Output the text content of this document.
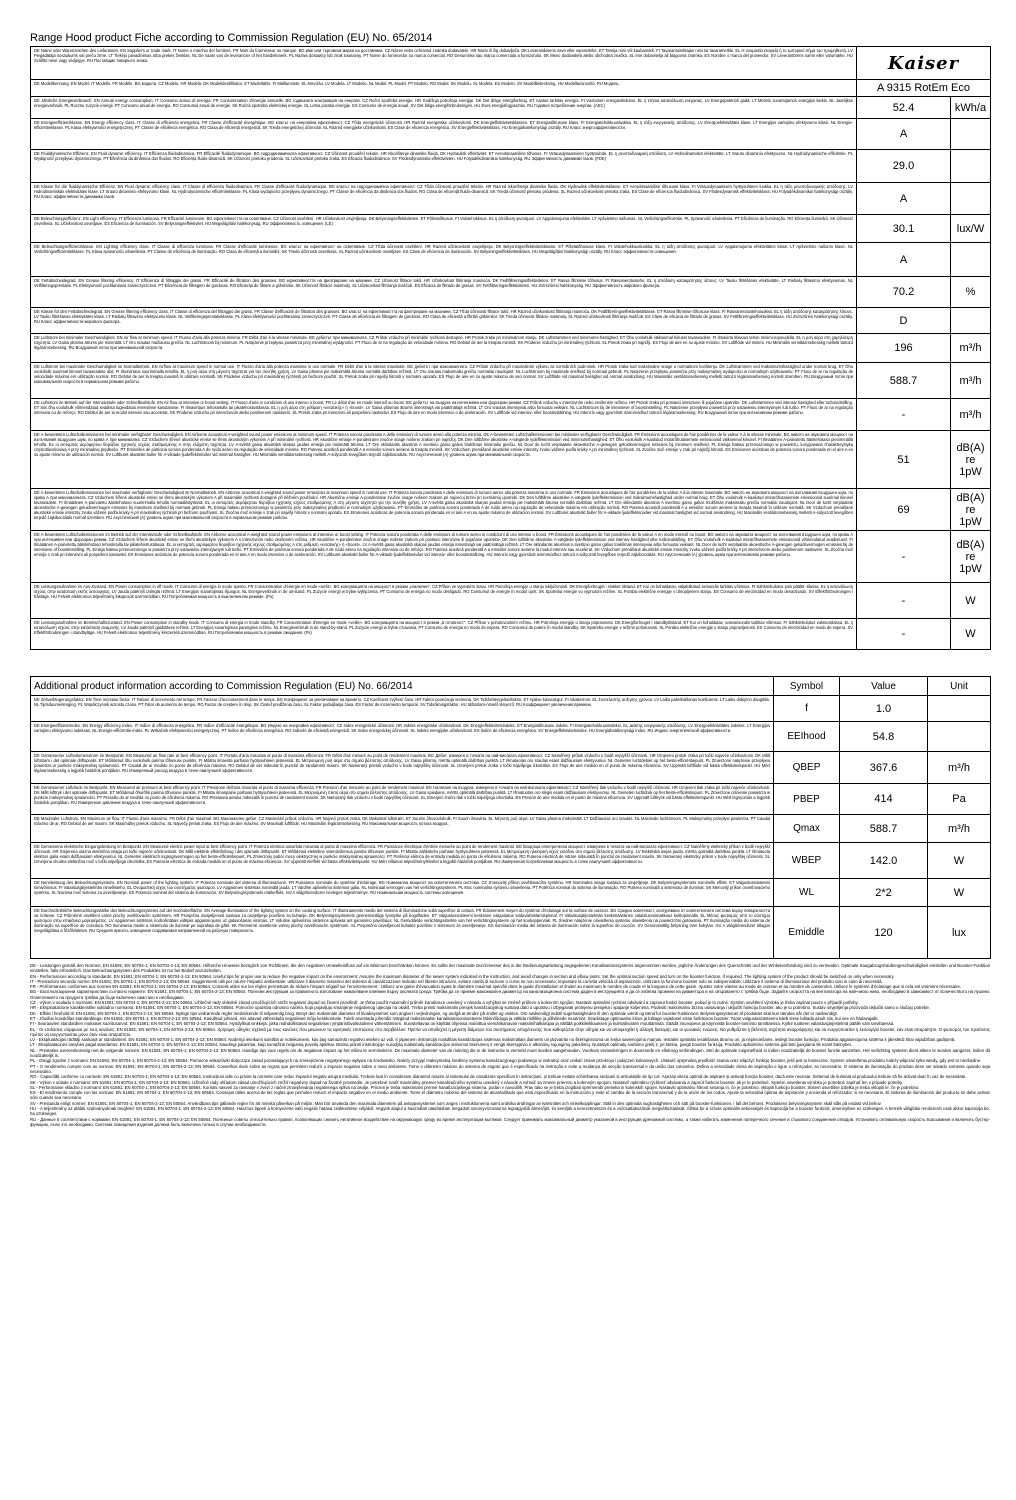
Range Hood product Fiche according to Commission Regulation (EU) No. 65/2014
DE Name oder Warenzeichen des Lieferanten. EN Supplier's or trade mark. IT Nome o marchio del fornitore. FR Nom du fournisseur ou marque. BG име или търговска марка на доставчика. CZ Název nebo ochranná známka dodavatele. HR Naziv ili žig dobavljača. DK Leverandørens navn eller varemærke. ET Tarnija nimi või kaubamärk. FI Tavarantoimittajan nimi tai tavaramerkki. EL Η ονομασία εταιρεία ή το εμπορικό σήμα του προμηθευτή. LV Piegādātāja nosaukums vai preču zīme. LT Tiekėjo pavadinimas arba prekės ženklas. NL De naam van de leverancier of het handelsmerk. PL Nazwa dostawcy lub znak towarowy. PT Nome do fornecedor ou marca comercial. RO Denumirea sau marca comerciala a furnizorului. SK Meno dodávateľa alebo obchodná značka. SL Ime dobavitelja ali blagovna znamka. ES Nombre o marca del proveedor. SV Leverantörens namn eller varumärke. HU Szállító neve vagy védjegye. RU Поставщик товарного знака.	Kaiser	
DE Modellkennung. EN Model. IT Modello. FR Modèle. BG модела. CZ Modelu. HR Modela. DK Modelidentifikator. ET Mudeltähis. FI Malltunniste. EL Μοντέλο. LV Modela. LT Modelio. NL Model. PL Model. PT Modelo. RO Model. SK Modelu. SL Modela. ES Modelo. SV Modellbeteckning. HU Modellazonosító. RU Модель.	A 9315 RotEm Eco	
DE Jährliche Energieverbrauch. EN Annual energy consumption. IT Consumo annuo di energia. FR Consommation d'énergie annuelle. BG годишната консумация на енергия. CZ Roční spotřeba energie. HR Godišnja potrošnja energije. DK Det årlige energiforbrug. ET Aastas tarbitav energia. FI Vuotuinen energiankulutus. EL η ετήσια κατανάλωση ενέργειας. LV Energopatēriņš gadā. LT Metinis suvartojamos energijos kiekis. NL Jaarlijkse energieverbruik. PL Roczne zużycie energii. PT Consumo anual de energia. RO Consumul anual de energie. SK Ročná spotreba elektrickej energie. SL Letna poraba energije. ES Consumo de energía anual. SV Det årliga energiförbrukningen. HU Éves energiafogyasztás. RU Годовое потребление энергии. (AEC)	52.4	kWh/a
DE Energieeffizienzklasse. EN Energy efficiency class. IT Classe di efficienza energetica. FR Classe d'efficacité énergétique. BG класът на енергийна ефективност. CZ Třída energetické účinnosti. HR Razred energetske učinkovitosti. DK Energieffektivitetsklassen. ET Energiatõhususe klass. FI Energiatehokkuusluokka. EL η τάξη ενεργειακής απόδοσης. LV Energoefektivitātes klase. LT Energijos vartojimo efektyvumo klasė. NL Energie-efficiëntieklasse. PL Klasa efektywności energetycznej. PT Classe de eficiência energética. RO Clasa de eficiență energetică. SK Trieda energetickej účinnosti. SL Razred energijske učinkovitosti. ES Clase de eficiencia energética. SV Energieffektivitetsklass. HU Energiahatékonysági osztály. RU Класс энергоэффективности.	A	
DE Fluiddynamische Effizienz. EN Fluid dynamic efficiency. IT Efficienza fluidodinamica. FR Efficacité fluidodynamique. BG гидродинамичната ефективност. CZ Účinnost proudění tekutin. HR Iskorištenje dinamike fluida. DK Hydraulisk effektivitet. ET Aerodünaamiline tõhusus. FI Virtausdynaaminen hyötysuhde. EL η ρευστοδυναμική απόδοση. LV Hidrodinamiskā efektivitāte. LT Srauto dinaminio efektyvumo. NL Hydrodynamische efficiëntie. PL Wydajność przepływu dynamicznego. PT Eficiência da dinâmica dos fluidos. RO Eficiența fluido-dinamică. SK Účinnosť prietoku prúdenia. SL Učinkovitost pretoka zraka. ES Eficacia fluidodinámica. SV Flödesdynamiska effektiviteten. HU Folyadékdinamikai hatékonyság. RU Эффективность динамики газов. (FDE)	29.0	
DE Klasse für die fluiddynamische Effizienz. EN Fluid dynamic efficiency class. IT Classe di efficienza fluidodinamica. FR Classe d'efficacité fluidodynamique. BG класът на гидродинамична ефективност. CZ Třída účinnosti proudění tekutin. HR Razred iskorištenja dinamike fluida. DK Hydraulisk effektivitetsklasse. ET Aerodünaamilise tõhususe klass. FI Virtausdynaamisen hyötysuhteen luokka. EL η τάξη ρευστοδυναμικής απόδοσης. LV Hidrodinamiskās efektivitātes klase. LT Srauto dinaminio efektyvumo klasė. NL Hydrodynamische efficiëntieklasse. PL Klasa wydajności przepływu dynamicznego. PT Classe de eficiência da dinâmica dos fluidos. RO Clasa de eficiență fluido-dinamică. SK Trieda účinnosti prietoku prúdenia. SL Razred učinkovitosti pretoka zraka. ES Clase de eficiencia fluidodinámica. SV Flödesdynamisk effektivitetsklass. HU Folyadékdinamikai hatékonysági osztály. RU Класс эффективности динамики газов.	A	
DE Beleuchtungseffizienz. EN Light efficiency. IT Efficienza luminosa. FR Efficacité lumineuse. BG ефективността на осветяване. CZ Účinnost osvětlení. HR Učinkovitost osvjetljenja. DK Belysningseffektiviteten. ET Põletatõhusus. FI Valotehokkuus. EL η απόδοση φωτισμού. LV Apgaismojuma efektivitāte. LT Apšvietimo našumas. NL Verlichtingsefficiëntie. PL Sprawność oświetlenia. PT Eficiência de iluminação. RO Eficiența iluminării. SK Účinnosť osvetlenia. SL Učinkovitost osvetljave. ES Eficiencia de iluminación. SV Belysningseffektivitet. HU Megvilágítási hatékonyság. RU Эффективность освещения. (LE)	30.1	lux/W
DE Beleuchtungseffizienzklasse. EN Lighting efficiency class. IT Classe di efficienza luminosa. FR Classe d'efficacité lumineuse. BG класът на ефективност на осветяване. CZ Třída účinnosti osvětlení. HR Razred učinkovitosti osvjetljenja. DK Belysningseffektivitetsklasse. ET Põletatõhususe klass. FI Valotehokkuusluokka. EL η τάξη απόδοσης φωτισμού. LV Apgaismojuma efektivitātes klase. LT Apšvietimo našumo klasė. NL Verlichtingsefficiëntieklasse. PL Klasa sprawności oświetlenia. PT Classe de eficiência de iluminação. RO Clasa de eficiență a iluminării. SK Trieda účinnosti osvetlenia. SL Razred učinkovitosti osvetljave. ES Clase de eficiencia de iluminación. SV Belysningseffektivitetsklass. HU Megvilágítási hatékonysági osztály. RU Класс эффективности освещения.	A	
DE Fettabscheidegrad. EN Grease filtering efficiency. IT Efficienza di filtraggio dei grassi. FR Efficacité de filtration des graisses. BG ефективността на филтриране на мазнини. CZ Účinnost filtrace tuků. HR Učinkovitost filtriranja masnoća. DK Fedtfiltreringseffektiviteten. ET Rasva filtrimise tõhusus. FI Rasvanerotusteho. EL η απόδοση κατακράτησης λίπους. LV Tauku filtrēšanas efektivitāte. LT Riebalų filtravimo efektyvumas. NL Vetfilteringsprestatie. PL Efektywność pochłaniania zanieczyszczeń. PT Eficiência de filtragem de gorduras. RO Eficiența de filtrare a grăsimilor. SK Účinnosť filtrácie mastnoty. SL Učinkovitost filtriranja maščob. ES Eficacia de filtrado de grasas. SV Fettfiltreringseffektiviteten. HU Zsírszűrési hatékonyság. RU Эффективность жирового фильтра.	70.2	%
DE Klasse für den Fettabscheidegrad. EN Grease filtering efficiency class. IT Classe di efficienza del filtraggio dei grassi. FR Classe d'efficacité de filtration des graisses. BG класът на ефективността на филтриране на мазнини. CZ Třída účinnosti filtrace tuků. HR Razred učinkovitosti filtriranja masnoća. DK Fedtfiltreringseffektivitetsklasse. ET Rasva filtrimise tõhususe klass. FI Rasvanerotustehoiuokka. EL η τάξη απόδοσης κατακράτησης λίπους. LV Tauku filtrēšanas efektivitātes klase. LT Riebalų filtravimo efektyvumo klasė. NL Vetfilteringsprestatieklasse. PL Klasa efektywności pochłaniania zanieczyszczeń. PT Classe de eficiência de filtragem de gorduras. RO Clasa de eficiență a filtrării grăsimilor. SK Trieda účinnosti filtrácie mastnoty. SL Razred učinkovitosti filtriranja maščob. ES Clase de eficacia de filtrado de grasas. SV Fettfiltreringseffektivitetsklass. HU Zsírszűrési hatékonysági osztály. RU Класс эффективности жирового фильтра.	D	
DE Luftstrom bei minimaler Geschwindigkeit. EN Air flow at minimum speed. IT Flusso d'aria alla potenza minima. FR Débit d'air à la vitesse minimale. BG дебитът при минималната. CZ Průtok vzduchu při minimální rychlosti dostupné. HR Protok zraka pri minimalnom stanju. DK Luftstrømmen ved minimums-hastighed. ET Õhu vooluhulk väikseimal kiirusel tavaseadete. FI Ilmavirta tilavuus tehon minimi-nopeudella. EL η ροή αέρα στη χαμηλότερη ταχύτητα. LV Gaisa plūsma ātrums pie minimālā. LT Oro srautas mažiausiu greičiu. NL Luchtstroom bij minimum. PL Natężenie przepływu powietrza przy minimalnej wydajności. PT Fluxo de ar na regulação de velocidade mínima. RO Debitul de aer la treapta minimă. SK Prúdenie vzduchu pri minimálnej rýchlosti. SL Pretok zraka pri najnižji. ES Flujo de aire en su ajuste mínimo. SV Luftflöde vid minimi. HU Minimális ventilátorsebesség melletti tartozó légáramsebesség. RU Воздушный поток при минимальной скорости.	196	m³/h
DE Luftstrom bei maximaler Geschwindigkeit im Normalbetrieb. EN Airflow at maximum speed in normal use. IT Flusso d'aria alla potenza massima in uso normale. FR Débit d'air à la vitesse maximale. BG дебитът при максималната. CZ Průtok vzduchu při maximálním výkonu za normálních podmínek. HR Protok zraka kod maksimalne snage u normalnom korištenju. DK Luftstrømmen ved maksimumshastighed under normal brug. ET Õhu vooluhulk suurimal kiirusel tavaseadete abil. FI Ilmavirtaus suurimmalla tehollia. EL η ροή αέρα στη μέγιστη ταχύτητα για την συνήθη χρήση. LV Gaisa plūsma pie maksimālā ātruma normālā darbības režīmā. LT Oro srautas maksimaliu greičiu normaliai naudojant. NL Luchtstroom bij maximale snelheid bij normaal gebruik. PL Natężenie przepływu powietrza przy maksymalnej wydajności w normalnym użytkowaniu. PT Fluxo de ar na regulação de velocidade máxima em utilização normal. RO Debitul de aer la treapta maximă în utilizare normală. SK Prúdenie vzduchu pri maximálnej rýchlosti pri bežnom použití. SL Pretok zraka pri najvišji hitrosti v normalni uporabi. ES Flujo de aire en su ajuste máximo de uso normal. SV Luftflöde vid maximal hastighet vid normal användning. HU Maximális ventilátorsebesség melletti tartozó légáramsebesség normál üzemben. RU Воздушный поток при максимальной скорости в нормальном режиме работы.	588.7	m³/h
DE Luftstrom im Betrieb auf der Intensivstufe oder Schnelllaufstufe. EN Air flow at intensive or boost setting. IT Flusso d'aria in condizioni di uso intenso o boost. FR Le débit d'air en mode intensif ou boost. BG дебитът на въздуха на интензивен или форсиран режим. CZ Průtok vzduchu v intenzivním nebo zesíleném režimu. HR Protok zraka pri postavci intenzivne ili pojačane upotrebe. DK Luftstrømmen ved intensiv hastighed eller turboindstilling. ET Siis õhu vooluhulk võimendatud seadista tugevdatus intensiivse kasutamise. FI Ilmavirtaus tehostetulla tai pikatehostustilassa. EL η ροή αέρα στη ρύθμιση «εντατικής» ή «boost». LV Gaisa plūsmas ātrums intensīvajā vai paātrinātajā režīmā. LT Oro srautas intensyviai arba forsuotai veikiant. NL Luchtstroom bij de intensieve of boostinstelling. PL Natężenie przepływu powietrza przy ustawieniu intensywnym lub turbo. PT Fluxo de ar na regulação intensiva ou de reforço. RO Debitul de aer la modul intensiv sau accelerat. SK Prúdenie vzduchu pri intenzívnom alebo posilnenom nastavení. SL Pretok zraka pri intenzivni ali pospešeni nastavitvi. ES Flujo de aire en modo intensivo o de aceleración. SV Luftflöde vid intensiv- eller boostinställning. HU Intenzív vagy gyorsított üzemmódhoz tartozó légáramsebesség. RU Воздушный поток при интенсивном режиме работы.	-	m³/h
DE A-bewerteten Luftschallemissionen bei minimaler verfügbarer Geschwindigkeit. EN Airborne acoustical A-weighted sound power emissions at minimum speed. IT Potenza sonora ponderata A delle emissioni di rumore aereo alla potenza minima. DE A-bewerteten Luftschallemissionen bei minimaler verfügbarer Geschwindigkeit. FR Émissions acoustiques de l'air pondérées de la valeur A à la vitesse minimale. BG нивото на звуковата мощност на излъчвания въздушен шум, по крива А при минимална. CZ Vzduchem šířené akustické emise se třemi akustickým výkonem A při minimální rychlosti. HR Akustične emisije A-ponderirane zvučne snage nošene zrakom pri najnižoj. DK Den luftbårne akustiske A-vægtede lydeffektemission ved minimumshastighed. ET Õhu vooluhulk A-kaalutud mürarõhutasemete emissioonid väikseimal kiirusel. FI Ilmaäänen A-painotettu äänitehotaso pienimmällä teholla. EL οι εκπομπές αερόφερτου θορύβου ηχητικής ισχύος σταθμισμένης Α στην ελάχιστη ταχύτητα. LV A-svērtā gaisa akustiskā skaņas jaudas emisija pie minimālā ātruma. LT Ore sklindantis akustinis A svertinio garso galios triukšmas minimaliu greičiu. NL Door de lucht verplaatste akoestische A-gewogen geluidsvermogen emissies bij minimum snelheid. PL Emisja hałasu przenoszonego w powietrzu, korygowana charakterystyką częstotliwościową A przy minimalnej prędkości. PT Emissões de potência sonora ponderada A de ruído aéreo na regulação de velocidade mínima. RO Puterea acustică ponderată A a emisiilor sonore aeriene la treapta minimă. SK Vzduchom prenášané akustické emisie intenzity zvuku vážené podľa krivky A pri minimálnej rýchlosti. SL Zvočna moč emisije v zrak pri najnižji hitrosti. ES Emisiones acústicas de potencia sonora ponderada en el aire A en su ajuste mínimo de utilización normal. SV Luftburet akustiskt buller för A-viktade ljudeffektsnivåer vid minimal hastighet. HU Minimális ventilátorsebesség melletti A-súlyozott levegőben terjedő zajkibocsátás. RU Акустический (A) уровень шума при минимальной скорости.	51	dB(A) re 1pW
DE A-bewerteten Luftschallemissionen bei maximaler verfügbarer Geschwindigkeit im Normalbetrieb. EN Airborne acoustical A-weighted sound power emissions at maximum speed in normal use. IT Potenza sonora ponderata A delle emissioni di rumore aereo alla potenza massima in uso normale. FR Émissions acoustiques de l'air pondérées de la valeur A à la vitesse maximale. BG нивото на звуковата мощност на излъчвания въздушен шум, по крива А при максималната. CZ Vzduchem šířené akustické emise se třemi akustickým výkonem A při maximální rychlosti dostupné při běžném používání. HR Akustične emisije A-ponderirane zvučne snage nošene zrakom pri najvećoj brzini pri normalnoj upotrebi. DK Den luftbårne akustiske A-vægtede lydeffektemission ved maksimumshastighed under normal brug. ET Õhu vooluhulk A-kaalutud mürarõhutasemete emissioonid suurimal kiirusel tavaseadete. FI Ilmaäänen A-painotettu äänitehotaso suurimmalla teholla normaalikäytössä. EL οι εκπομπές αερόφερτου θορύβου ηχητικής ισχύος σταθμισμένης Α στη μέγιστη ταχύτητα για την συνήθη χρήση. LV A-svērtā gaisa akustiskā skaņas jaudas emisija pie maksimālā ātruma normālā darbības režīmā. LT Ore sklindantis akustinis A svertinio garso galios triukšmas maksimaliu greičiu normaliai naudojant. NL Door de lucht verplaatste akoestische A-gewogen geluidsvermogen emissies bij maximum snelheid bij normaal gebruik. PL Emisja hałasu przenoszonego w powietrzu przy maksymalnej prędkości w normalnym użytkowaniu. PT Emissões de potência sonora ponderada A de ruído aéreo na regulação de velocidade máxima em utilização normal. RO Puterea acustică ponderată A a emisiilor sonore aeriene la treapta maximă în utilizare normală. SK Vzduchom prenášané akustické emisie intenzity zvuku vážené podľa krivky A pri maximálnej rýchlosti pri bežnom používaní. SL Zvočna moč emisije v zrak pri najvišji hitrosti v normalni uporabi. ES Emisiones acústicas de potencia sonora ponderada en el aire A en su ajuste máximo de utilización normal. SV Luftburet akustiskt buller för A-viktade ljudeffektsnivåer vid maximal hastighet vid normal användning. HU Maximális ventilátorsebesség melletti A-súlyozott levegőben terjedő zajkibocsátás normál üzemben. RU Акустический (A) уровень шума при максимальной скорости в нормальном режиме работы.	69	dB(A) re 1pW
DE A-bewerteten Luftschallemissionen im Betrieb auf der Intensivstufe oder Schnelllaufstufe. EN Airborne acoustical A-weighted sound power emissions at intensive or boost setting. IT Potenza sonora ponderata A delle emissioni di rumore aereo in condizioni di uso intenso o boost. FR Émissions acoustiques de l'air pondérées de la valeur A en mode intensif ou boost. BG нивото на звуковата мощност на излъчвания въздушен шум, по крива А при интензивен или форсиран режим. CZ Vzduchem šířené akustické emise se třemi akustickým výkonem A v intenzivním nebo zesíleném režimu. HR Akustične A-ponderirane zvučne snage nošene zrakom pri postavci intenzivne ili pojačane upotrebe. DK Den luftbårne akustiske A-vægtede lydeffektemission ved intensiv hastighed eller turboindstilling. ET Õhu vooluhulk A-kaalutud mürarõhutasemete emissioonid võimendatud seadistusel. FI Ilmaäänen A-painotettu äänitehotaso tehostetulla tai pikatehostustilassa. EL οι εκπομπές αερόφερτου θορύβου ηχητικής ισχύος σταθμισμένης Α στη ρύθμιση «εντατικής» ή «boost». LV A-svērtā gaisa akustiskā skaņas jaudas emisija intensīvajā vai paātrinātajā režīmā. LT Ore sklindantis akustinis A svertinio garso galios triukšmas intensyviai arba forsuotai veikiant. NL Door de lucht verplaatste akoestische A-gewogen geluidsvermogen emissies bij de intensieve of boostinstelling. PL Emisja hałasu przenoszonego w powietrzu przy ustawieniu intensywnym lub turbo. PT Emissões de potência sonora ponderada A de ruído aéreo na regulação intensiva ou de reforço. RO Puterea acustică ponderată A a emisiilor sonore aeriene la modul intensiv sau accelerat. SK Vzduchom prenášané akustické emisie intenzity zvuku vážené podľa krivky A pri intenzívnom alebo posilnenom nastavení. SL Zvočna moč emisije v zrak pri intenzivni ali pospešeni nastavitvi. ES Emisiones acústicas de potencia sonora ponderada en el aire A en modo intensivo o de aceleración. SV Luftburet akustiskt buller för A-viktade ljudeffektsnivåer vid intensiv- eller boostinställning. HU Intenzív vagy gyorsított üzemmódhoz tartozó A-súlyozott levegőben terjedő zajkibocsátás. RU Акустический (A) уровень шума при интенсивном режиме работы.	-	dB(A) re 1pW
DE Leistungsaufnahme im Aus-Zustand. EN Power consumption in off mode. IT Consumo di energia in modo spento. FR Consommation d'énergie en mode «arrêt». BG консумацията на мощност в режим „изключен“. CZ Příkon ve vypnutém stavu. HR Potrošnja energije u stanju isključenosti. DK Energiforbruget i slukket tilstand. ET Kui on kohaldatav, väljalülitatud seisundis tarbitav võimsus. FI Sähkönkulutus pois päältä -tilassa. EL η κατανάλωση ισχύος στην κατάσταση εκτός λειτουργίας. LV Jauda patēriņš izslēgtā režīmā. LT Energijos suvartojimas išjungus. NL Energieverbruik in de uit-stand. PL Zużycie energii w trybie wyłączenia. PT Consumo de energia no modo desligado. RO Consumul de energie în modul oprit. SK Spotreba energie vo vypnutom režime. SL Poraba električne energije v izklopljenem stanju. ES Consumo de electricidad en modo desactivado. SV Effektförbrukningen i frånläge. HU Felvett elektromos teljesítmény kikapcsolt üzemmódban. RU Потребляемая мощность в выключенном режиме. (Po)	-	W
DE Leistungsaufnahme im Bereitschaftszustand. EN Power consumption in standby mode. IT Consumo di energia in modo standby. FR Consommation d'énergie en mode «veille». BG консумацията на мощност в режим „в готовност“. CZ Příkon v pohotovostním režimu. HR Potrošnja energije u stanju pripravnosti. DK Energiforbruget i standbytilstand. ET Kui on kohaldatav, ooteseisundis tarbitav võimsus. FI Sähkönkulutus valmiustilassa. EL η κατανάλωση ισχύος στην κατάσταση αναμονής. LV Jauda patēriņš gaidstāves režīmā. LT Energijos suvartojimas parengties režimu. NL Energieverbruik in de stand-by-stand. PL Zużycie energii w trybie czuwania. PT Consumo de energia no modo de espera. RO Consumul de putere în modul standby. SK Spotreba energie v režime pohotovosti. SL Poraba električne energije v stanju pripravljenosti. ES Consumo de electricidad en modo de espera. SV Effektförbrukningen i standbyläge. HU Felvett elektromos teljesítmény készenléti üzemmódban. RU Потребляемая мощность в режиме ожидания. (Ps)	-	W
Additional product information according to Commission Regulation (EU) No. 66/2014	Symbol	Value	Unit
DE Zeitverlängerungsfaktor. EN Time increase factor. IT Fattore di incremento nel tempo. FR Facteur d'accroissement dans le temps. BG Коефициент за увеличаване на времето. CZ Koeficient zvýšení času. HR Faktor povećanja vremena. DK Tidsforlængelsesfaktor. ET Ajalise kasvutegur. FI Aikakerroin. EL Συντελεστής αύξησης χρόνου. LV Laika palielināšanas koeficients. LT Laiko didėjimo daugiklis. NL Tijdsduurverlenging. PL Współczynnik wzrostu czasu. PT Fator de aumento de tempo. RO Factor de creștere în timp. SK Činiteľ predĺženia času. SL Faktor podaljšanja časa. ES Factor de incremento temporal. SV Tidsökningsfaktor. HU Időtartam-növelő tényező. RU Коэффициент увеличения времени.	f	1.0	
DE Energieeffizienzindex. EN Energy efficiency index. IT Indice di efficienza energetica. FR Indice d'efficacité énergétique. BG Индекс на енергийна ефективност. CZ Index energetické účinnosti. HR Indeks energetske učinkovitosti. DK Energieffektivitetsindeks. ET Energiatõhususe indeks. FI Energiatehokkuusindeksi. EL Δείκτης ενεργειακής απόδοσης. LV Energoefektivitātes indekss. LT Energijos vartojimo efektyvumo indeksas. NL Energie-efficiëntie-index. PL Wskaźnik efektywności energetycznej. PT Índice de eficiência energética. RO Indicele de eficiență energetică. SK Index energetickej účinnosti. SL Indeks energijske učinkovitosti. ES Índice de eficiencia energética. SV Energieffektivitetsindex. HU Energiahatékonysági index. RU Индекс энергетической эффективности.	EEIhood	54.8	
DE Gemessener Luftvolumenstrom im Bestpunkt. EN Measured air flow rate at best efficiency point. IT Portata d'aria misurata al punto di massima efficienza. FR Débit d'air mesuré au point de rendement maximal. BG Дебит, измерен в точката на най-високата ефективност. CZ Naměřený průtok vzduchu v bodě nejvyšší účinnosti. HR Izmjereni protok zraka pri točki najveće učinkovitosti. DK Målt luftstrøm i det optimale driftspunkt. ET Mõõdetud õhu vooluhulk parima tõhususe punktis. FI Mitattu ilmavirta parhaan hyötysuhteen pisteessä. EL Μετρούμενη ροή αέρα στο σημείο βέλτιστης απόδοσης. LV Gaisa plūsma, mērīta optimālā darbības punktā. LT Išmatuotas oro srautas esant didžiausiam efektyvumui. NL Gemeten luchtdebiet op het beste-efficiëntiepunt. PL Zmierzone natężenie przepływu powietrza w punkcie maksymalnej sprawności. PT Caudal de ar medido no ponto de eficiência máxima. RO Debitul de aer măsurat în punctul de randament maxim. SK Nameraný prietok vzduchu v bode najvyššej účinnosti. SL Izmerjeni pretok zraka v točki najvišjega izkoristka. ES Flujo de aire medido en el punto de máxima eficiencia. SV Uppmätt luftflöde vid bästa effektivitetspunkt. HU Mért légáramsebesség a legjobb hatásfok pontjában. RU Измеренный расход воздуха в точке наилучшей эффективности.	QBEP	367.6	m³/h
DE Gemessener Luftdruck im Bestpunkt. EN Measured air pressure at best efficiency point. IT Pressione dell'aria misurata al punto di massima efficienza. FR Pression d'air mesurée au point de rendement maximal. BG Налягане на въздуха, измерено в точката на най-високата ефективност. CZ Naměřený tlak vzduchu v bodě nejvyšší účinnosti. HR Izmjereni tlak zraka pri točki najveće učinkovitosti. DK Målt lufttryk i det optimale driftspunkt. ET Mõõdetud õhurõhk parima tõhususe punktis. FI Mitattu ilmanpaine parhaan hyötysuhteen pisteessä. EL Μετρούμενη πίεση αέρα στο σημείο βέλτιστης απόδοσης. LV Gaisa spiediens, mērīts optimālā darbības punktā. LT Išmatuotas oro slėgis esant didžiausiam efektyvumui. NL Gemeten luchtdruk op het beste-efficiëntiepunt. PL Zmierzone ciśnienie powietrza w punkcie maksymalnej sprawności. PT Pressão do ar medida no ponto de eficiência máxima. RO Presiunea aerului măsurată în punctul de randament maxim. SK Nameraný tlak vzduchu v bode najvyššej účinnosti. SL Izmerjeni zračni tlak v točki najvišjega izkoristka. ES Presión de aire medida en el punto de máxima eficiencia. SV Uppmätt lufttryck vid bästa effektivitetspunkt. HU Mért légnyomás a legjobb hatásfok pontjában. RU Измеренное давление воздуха в точке наилучшей эффективности.	PBEP	414	Pa
DE Maximaler Luftstrom. EN Maximum air flow. IT Flusso d'aria massimo. FR Débit d'air maximal. BG Максимален дебит. CZ Maximální průtok vzduchu. HR Najveći protok zraka. DK Maksimal luftstrøm. ET Suurim õhuvooluhulk. FI Suurin ilmavirta. EL Μέγιστη ροή αέρα. LV Gaisa plūsma maksimālā. LT Didžiausias oro srautas. NL Maximale luchtstroom. PL Maksymalny przepływ powietrza. PT Caudal máximo de ar. RO Debitul de aer maxim. SK Maximálny prietok vzduchu. SL Največji pretok zraka. ES Flujo de aire máximo. SV Maximalt luftflöde. HU Maximális légáramsebesség. RU Максимальная мощность потока воздуха.	Qmax	588.7	m³/h
DE Gemessene elektrische Eingangsleistung im Bestpunkt. EN Measured electric power input at best efficiency point. IT Potenza elettrica assorbita misurata al punto di massima efficienza. FR Puissance électrique d'entrée mesurée au point de rendement maximal. BG Входяща електрическа мощност, измерена в точката на най-високата ефективност. CZ Naměřený elektrický příkon v bodě nejvyšší účinnosti. HR Izmjerena ulazna električna snaga pri točki najveće učinkovitosti. DK Målt elektrisk effektforbrug i det optimale driftspunkt. ET Mõõdetud elektriline sisendvõimsus parima tõhususe punktis. FI Mitattu sähköteho parhaan hyötysuhteen pisteessä. EL Μετρούμενη ηλεκτρική ισχύς εισόδου στο σημείο βέλτιστης απόδοσης. LV Elektriskā ieejas jauda, mērīta optimālā darbības punktā. LT Išmatuota elektros galia esant didžiausiam efektyvumui. NL Gemeten elektrisch ingangsvermogen op het beste-efficiëntiepunt. PL Zmierzony pobór mocy elektrycznej w punkcie maksymalnej sprawności. PT Potência elétrica de entrada medida no ponto de eficiência máxima. RO Puterea electrică de intrare măsurată în punctul de randament maxim. SK Nameraný elektrický príkon v bode najvyššej účinnosti. SL Izmerjena vhodna električna moč v točki najvišjega izkoristka. ES Potencia eléctrica de entrada medida en el punto de máxima eficiencia. SV Uppmätt eleffekt vid bästa effektivitetspunkt. HU Mért villamos teljesítményfelvétel a legjobb hatásfok pontjában. RU Измеренная потребляемая мощность в точке наилучшей эффективности.	WBEP	142.0	W
DE Nennleistung des Beleuchtungssystems. EN Nominal power of the lighting system. IT Potenza nominale del sistema di illuminazione. FR Puissance nominale du système d'éclairage. BG Номинална мощност на осветителната система. CZ Jmenovitý příkon osvětlovacího systému. HR Nominalna snaga sustava za osvjetljenje. DK Belysningssystemets nominelle effekt. ET Valgustussüsteemi nimivõimsus. FI Valaistusjärjestelmän nimellisteho. EL Ονομαστική ισχύς του συστήματος φωτισμού. LV Apgaismes sistēmas nominālā jauda. LT Vardinė apšvietimo sistemos galia. NL Nominaal vermogen van het verlichtingssysteem. PL Moc nominalna systemu oświetlenia. PT Potência nominal do sistema de iluminação. RO Puterea nominală a sistemului de iluminat. SK Menovitý príkon osvetľovacieho systému. SL Nazivna moč sistema za osvetljevanje. ES Potencia nominal del sistema de iluminación. SV Belysningssystemets märkeffekt. HU A világítórendszer névleges teljesítménye. RU Номинальная мощность системы освещения.	WL	2*2	W
DE Durchschnittliche Beleuchtungsstärke des Beleuchtungssystems auf der Kochoberfläche. EN Average illumination of the lighting system on the cooking surface. IT Illuminamento medio del sistema di illuminazione sulla superficie di cottura. FR Éclairement moyen du système d'éclairage sur la surface de cuisson. BG Средна осветеност, осигурявана от осветителната система върху повърхността за готвене. CZ Průměrné osvětlení varné plochy osvětlovacím systémem. HR Prosječna osvijetljenost sustava za osvjetljenje površine za kuhanje. DK Belysningssystemets gennemsnitlige lysstyrke på kogefladen. ET Valgustussüsteemi keskmine valgustatus toiduvalmistamispinnal. FI Valaistusjärjestelmän keskimääräinen valaistusvoimakkuus keittopinnalla. EL Μέσος φωτισμός από το σύστημα φωτισμού στην επιφάνεια μαγειρέματος. LV Apgaismes sistēmas nodrošinātais vidējais apgaismojums uz gatavošanas virsmas. LT Vidutinė apšvietimo sistemos apšvieta ant gaminimo paviršiaus. NL Gemiddelde verlichtingssterkte van het verlichtingssysteem op het kookoppervlak. PL Średnie natężenie oświetlenia systemu oświetlenia na powierzchni gotowania. PT Iluminação média do sistema de iluminação na superfície de cozedura. RO Iluminarea medie a sistemului de iluminat pe suprafața de gătit. SK Priemerné osvetlenie varnej plochy osvetľovacím systémom. SL Povprečna osvetljenost kuhalne površine s sistemom za osvetljevanje. ES Iluminación media del sistema de iluminación sobre la superficie de cocción. SV Genomsnittlig belysning över kokytan. HU A világítórendszer átlagos megvilágítása a főzőfelületen. RU Средняя яркость освещения создаваемая направленной на рабочую поверхность.	Emiddle	120	lux

DE - Leistungen gemäß den Normen: EN 61591; EN 60704-1; EN 60704-2-13; EN 50564. Hilfreiche Hinweise bezüglich von Richtlinien, die den negativen Umwelteinfluss auf ein Minimum beschränken können. Es sollte der maximale Durchmesser des in der Bedienungsanleitung angegebenen Kanalisationssystems angenommen werden, jegliche Änderungen des Querschnitts und der Winkelverbindung sind zu vermeiden. Optimale Saugabzugshaubengeschwindigkeit einstellen und Booster-Funktion einstellen, falls erforderlich. Das Beleuchtungssystem des Produktes ist nur bei Bedarf anzuschalten.

EN - Performances according to standards: EN 61591; EN 60704-1; EN 60704-2-13; EN 50564. Useful tips for proper use to reduce the negative impact on the environment: Assume the maximum diameter of the sewer system indicated in the instruction, and avoid changes in section and elbow joints. Set the optimal suction speed and turn on the booster function, if required. The lighting system of the product should be switched on only when necessary.

IT - Prestazioni secondo norme: EN 61591; EN 60704-1; EN 60704-2-13; EN 50564. Suggerimenti utili per ridurre l'impatto ambientale: utilizzare il diametro massimo del sistema di canalizzazione indicato nel libretto istruzioni, evitare cambi di sezione o curve se non necessario; impostare la corretta velocità di aspirazione, utilizzare la funzione booster solo se indispensabile; utilizzare il sistema di illuminazione del prodotto solo in caso di necessità.

FR - Performances conformes aux normes EN 61591; EN 60704-1; EN 60704-2-13; EN 50564. Conseils utiles sur les règles permettant de réduire l'impact négatif sur l'environnement : Utilisez une gaine d'évacuation ayant le diamètre maximal spécifié dans le guide d'installation et limiter au maximum le nombre de coude et la longueur de cette gaine. Ajustez votre vitesse au mode de cuisson et au nombre de casseroles. Utilisez le système d'éclairage que si cela est vraiment nécessaire.

BG - Експлоатационни характеристики съгласно нормите: EN 61591; EN 60704-1; EN 60704-2-13; EN 50564. Полезни инструкции за правилното използване намаляване влияние върху околната среда: Трябва да се приеме максимален диаметър на канализационна система даден в инструкцията и да се избягва промени на диаметъра и на свързването с трябва бъде. Задайте скоростта на вентилатора на най-ниско ниво, необходимо в зависимост от количеството на пушеки. Осветлението на продукта трябва да бъде включено само ако е необходимо.

CZ - Výkon v souladu s normami: EN 61591; EN 60704-1; EN 60704-2-13; EN 50564. Užitečné rady ohledně zásad umožňujících snížit negativní dopad na životní prostředí: Je třeba použít maximální průměr kanalizace uvedený v návodu a vyhýbat se změně průřezu a kolenním spojům. Nastavit optimální rychlost odsávání a zapnout funkci booster, pokud je to nutné. Systém osvětlení výrobku je třeba zapínat pouze v případě potřeby.

HR - Eksploatacione karakteristike sukladno normama: EN 61591; EN 60704-1; EN 60704-2-13; EN 50564. Pomoćne uputstva odnosno načela, koja pojavljuju smanjenje negativnog utjecaja na okoliš. Treba primiti maksimalni presjek kanalizacijskog sustava dato u uputstvu i izbjegavati promjenu presjeka i spajanje koljenima. Podesiti maksimalnu brzinu usisavanja i uključiti funkciju booster, ako je to potrebno. Sustav osvjetljenja proizvoda uključiti samo u slučaju potrebe.

DK - Effekt i henhold til: EN 61591; EN 60704-1; EN 60704-2-13; EN 50564. Nyttige tips vedrørende regler medvirkende til miljøvenlig brug: Benyt den maksimale diameter af kloaksystemet som angivet i vejledningen, og undgå at ændre på snittet og vinklen. Om nødvendigt indstil sugehastigheden til den optimale værdi og tænd for booster-funktionen. Belysningssystemet af produktet skal kun tændes når det er nødvendigt.

ET - Jõudlus kooskõlas standarditega: EN 61591; EN 60704-1; EN 60704-2-13; EN 50564. Kasulikud juhised, mis aitavad vähendada negatiivset mõju keskkonnale. Tuleb arvestada juhendis märgitud maksimaalse kanalisatsioonisüsteemi läbimõõduga ja vältida ristlõike ja põlvliitede muutmist. Seadistage optimaalne kiirus ja lülitage vajadusel sisse funktsioon booster. Toote valgustussüsteemi tuleb sisse lülitada ainult siis, kui see on hädavajalik.

FI - Seuraavien standardien mukaiset suoritusarvot: EN 61591; EN 60704-1; EN 60704-2-13; EN 50564. Hyödyllisiä vinkkejä, jotka mahdollistavat negatiivisen ympäristövaikutuksen vähentämisen. Suositeltavaa on käyttää ohjeissa mainittua viemärikanavan maksimihalkaisijaa ja välttää poikkileikkauksen ja kulmaliitosten muuttamista. Säädä imunopeus ja käynnistä booster-toiminto tarvittaessa. Kytke tuotteen valaistusjärjestelmä päälle vain tarvittaessa.

EL - Οι επιδόσεις σύμφωνα με τους κανόνες: EN 61591; EN 60704-1; EN 60704-2-13; EN 50564. Χρήσιμες οδηγίες σχετικά με τους κανόνες που μειώνουν τις αρνητικές επιπτώσεις στο περιβάλλον: Πρέπει να αποδεχτεί η μέγιστη διάμετρο του συστήματος αποχέτευσης που καθορίζεται στην οδηγία και να αποφευχθεί η αλλαγή διατομής και οι γωνιακές ενώσεις. Να ρυθμίζεται η βέλτιστη ταχύτητα αναρρόφησης και να ενεργοποιείται η λειτουργία booster, εάν είναι απαραίτητο. Ο φωτισμός του προϊόντος πρέπει να ενεργοποιείται μόνο όταν είναι απαραίτητο.

LV - Ekspluatācijas rādītāji saskaņā ar standartiem: EN 61591; EN 60704-1; EN 60704-2-13; EN 50564. Noderīgi ieteikumi saistībā ar noteikumiem, kas ļauj samazināt negatīvo ietekmi uz vidi. Ir jāpieņem instrukcijā norādītais kanalizācijas sistēmas maksimālais diametrs un jāizvairās no šķērsgriezuma un leņķa savienojumu maiņas. Iestatiet optimālo iesūkšanas ātrumu un, ja nepieciešams, ieslēgt booster funkciju. Produkta apgaismojuma sistēma ir jāieslēdz tikai vajadzības gadījumā.

LT - Eksploatacinės savybės pagal standartus: EN 61591; EN 60704-1; EN 60704-2-13; EN 50564. Naudingi patarimai, kaip sumažinti neigiamą poveikį aplinkai. Būtina priimti instrukcijoje nurodytą maksimalų kanalizacijos sistemos skersmenį ir vengti skerspjūvio ir alkūninių sujungimų pakeitimų. Nustatyti optimalų siurbimo greitį ir, jei būtina, įjungti booster funkciją. Produkto apšvietimo sistema gali būti įjungiama tik esant būtinybei.

NL - Prestaties overeenkomstig met de volgende normen: EN 61591; EN 60704-1; EN 60704-2-13; EN 50564. Handige tips voor regels om de negatieve impact op het milieu te verminderen. De maximale diameter van de riolering die in de instructie is vermeld moet worden aangehouden. Voorkom veranderingen in doorsnede en elleboog verbindingen. Stel de optimale zuigsnelheid in indien noodzakelijk de booster functie aanzetten. Het verlichting systeem dient alleen te worden aangezet, indien dit noodzakelijk is.

PL - Osiągi zgodne z normami: EN 61591; EN 60704-1; EN 60704-2-13; EN 50564. Pomocne wskazówki dotyczące zasad pozwalających na zmniejszenie negatywnego wpływu na środowisko. Należy przyjąć maksymalną średnicę systemu kanalizacyjnego podanego w instrukcji oraz unikać zmian przekroju i połączeń kolanowych. Ustawić optymalną prędkość ssania oraz włączyć funkcję booster, jeśli jest to konieczne. System oświetlenia produktu należy włączać tylko wtedy, gdy jest to niezbędne.

PT - O rendimento cumpre com as normas: EN 61591; EN 60704-1; EN 60704-2-13; EN 50564. Conselhos úteis sobre as regras que permitem reduzir o impacto negativo sobre o meio ambiente. Tome o diâmetro máximo do sistema de esgoto que é especificado na instrução e evite a mudança da secção transversal e da união dos cotovelos. Defina a velocidade ótima de aspiração e ligue o reforçador, se necessário. O sistema de iluminação do produto deve ser ativado somente quando seja necessário.

RO - Capacități conforme cu normele: EN 61591; EN 60704-1; EN 60704-2-13; EN 50564. Instrucțiuni utile cu privire la normele care reduc impactul negativ asupra mediului. Trebuie luat în considerare diametrul maxim al sistemului de canalizare specificat în instrucțiuni, și trebuie evitate schimbarea secțiunii și articulațiile de tip cot. Așezați viteza optimă de aspirare și activați funcția booster, dacă este necesar. Sistemul de iluminat al produsului trebuie să fie activat doar în caz de necesitate.

SK - Výkon v súlade s normami: EN 61591; EN 60704-1; EN 60704-2-13; EN 50564. Užitočné rady ohľadom zásad umožňujúcich znížiť negatívny dopad na životné prostredie. Je potrebné zvoliť maximálny priemer kanalizačného systému uvedený v návode a vyhnúť sa zmene prierezu a kolenným spojom. Nastaviť optimálnu rýchlosť odsávania a zapnúť funkciu booster, ak je to potrebné. Systém osvetlenia výrobku je potrebné zapínať len v prípade potreby.

SL - Performanse skladno z normami: EN 61591; EN 60704-1; EN 60704-2-13; EN 50564. Koristni nasveti za ravnanje v zvezi z načeli zmanjševanja negativnega vpliva na okolje. Privzeti je treba maksimalni premer kanalizacijskega sistema, podan v navodilih. Prav tako se je treba izogibati spremembi preseka in kolenskih spojev. Nastaviti optimalno hitrost sesanja in, če je potrebno, vklopiti funkcijo booster. Sistem osvetlitve izdelka je treba vklopiti le, če je potrebno.

ES - El rendimiento cumple con las normas: EN 61591; EN 60704-1; EN 60704-2-13; EN 50564. Consejos útiles acerca de las reglas que permiten reducir el impacto negativo en el medio ambiente. Tome el diámetro máximo del sistema de alcantarillado que está especificado en la instrucción y evite el cambio de la sección transversal y de la unión de los codos. Ajuste la velocidad óptima de aspiración y encienda el reforzador, si es necesario. El sistema de iluminación del producto se debe activar sólo cuando sea necesario.

SV - Prestanda enligt normer: EN 61591; EN 60704-1; EN 60704-2-13; EN 50564. Användbara tips gällande regler för att minska påverkan på miljön. Man bör använda den maximala diametern på avloppssystemet som anges i instruktionerna samt undvika ändringar av tvärsnittet och vinkelkopplingar. Ställ in den optimala sughastigheten och sätt på booster-funktionen, i fall det behövs. Produktens belysningssystem skall slås på endast vid behov.

HU - A teljesítmény az alábbi szabványoknak megfelel: EN 61591; EN 60704-1; EN 60704-2-13; EN 50564. Hasznos tippek a környezetre való negatív hatása csökkentése céljából. Vegyük alapul a használati utasításban megadott szennyvízcsatorna legnagyobb átmérőjét, és kerüljük a keresztmetszet és a csőcsatlakozások megváltoztatását. Állítsa be a szívás optimális sebességét és kapcsolja be a booster funkciót, amennyiben ez szükséges. A termék világítási rendszerét csak akkor kapcsolja be, ha szükséges.

RU - Данные в соответствии с нормами: EN 61591; EN 60704-1; EN 60704-2-13; EN 50564. Полезные советы относительно правил, позволяющих снизить негативное воздействие на окружающую среду во время эксплуатации вытяжки: Следует принимать максимальный диаметр указанной в инструкции дренажной системы, а также избегать изменения поперечного сечения и стыкового соединения отводов. Установить оптимальную скорость всасывания и включить бустер-функцию, если это необходимо. Система освещения изделия должна быть включена только в случае необходимости.
